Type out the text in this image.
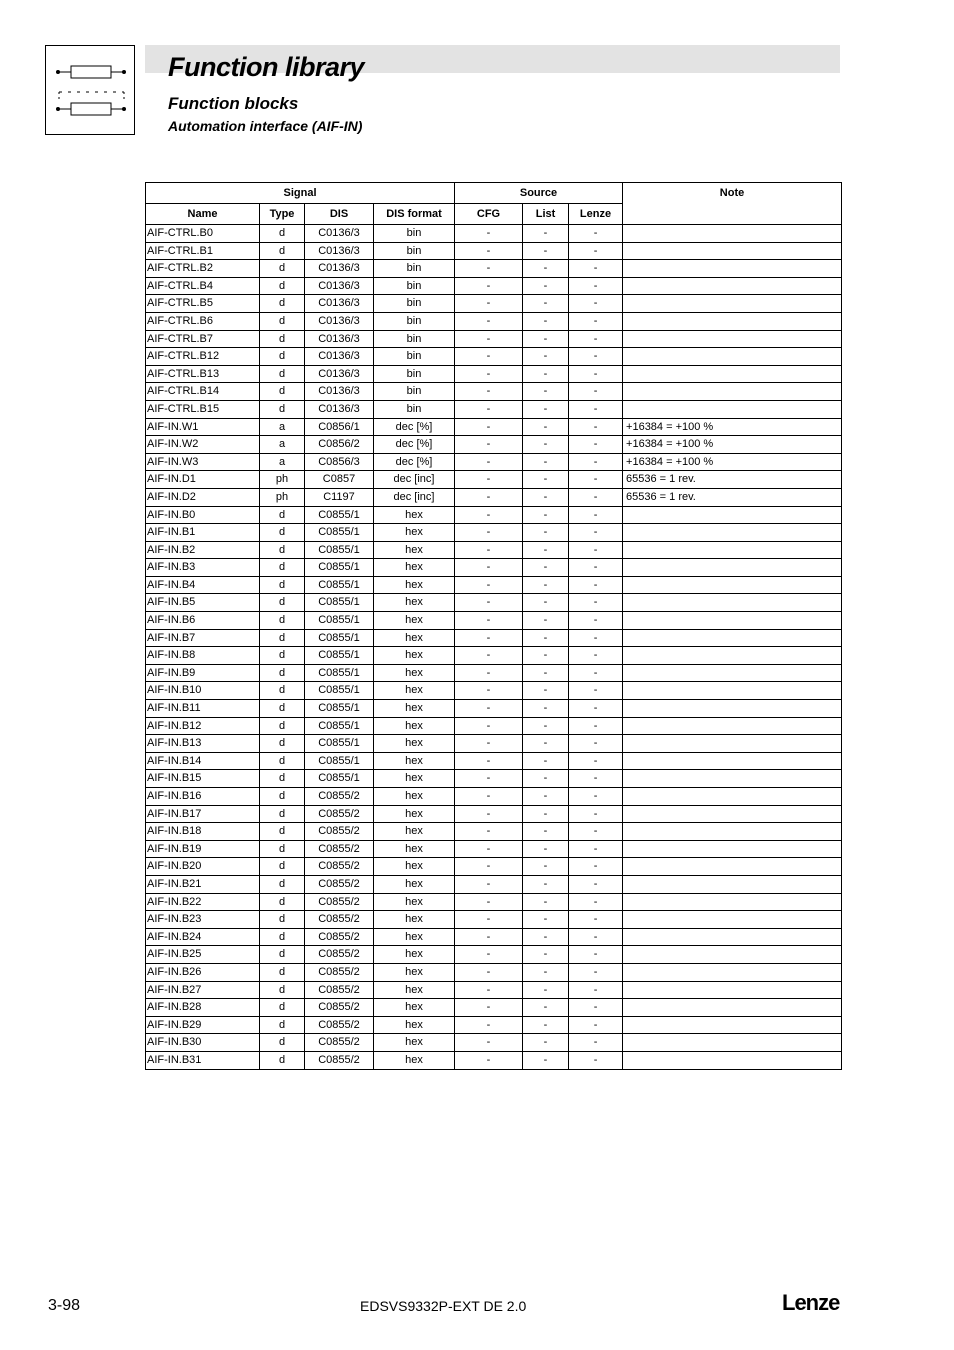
Function library
Function blocks
Automation interface (AIF-IN)
Signal				Source			Note
Name	Type	DIS	DIS format	CFG	List	Lenze	
AIF-CTRL.B0	d	C0136/3	bin	-	-	-	
AIF-CTRL.B1	d	C0136/3	bin	-	-	-	
AIF-CTRL.B2	d	C0136/3	bin	-	-	-	
AIF-CTRL.B4	d	C0136/3	bin	-	-	-	
AIF-CTRL.B5	d	C0136/3	bin	-	-	-	
AIF-CTRL.B6	d	C0136/3	bin	-	-	-	
AIF-CTRL.B7	d	C0136/3	bin	-	-	-	
AIF-CTRL.B12	d	C0136/3	bin	-	-	-	
AIF-CTRL.B13	d	C0136/3	bin	-	-	-	
AIF-CTRL.B14	d	C0136/3	bin	-	-	-	
AIF-CTRL.B15	d	C0136/3	bin	-	-	-	
AIF-IN.W1	a	C0856/1	dec [%]	-	-	-	+16384 = +100 %
AIF-IN.W2	a	C0856/2	dec [%]	-	-	-	+16384 = +100 %
AIF-IN.W3	a	C0856/3	dec [%]	-	-	-	+16384 = +100 %
AIF-IN.D1	ph	C0857	dec [inc]	-	-	-	65536 = 1 rev.
AIF-IN.D2	ph	C1197	dec [inc]	-	-	-	65536 = 1 rev.
AIF-IN.B0	d	C0855/1	hex	-	-	-	
AIF-IN.B1	d	C0855/1	hex	-	-	-	
AIF-IN.B2	d	C0855/1	hex	-	-	-	
AIF-IN.B3	d	C0855/1	hex	-	-	-	
AIF-IN.B4	d	C0855/1	hex	-	-	-	
AIF-IN.B5	d	C0855/1	hex	-	-	-	
AIF-IN.B6	d	C0855/1	hex	-	-	-	
AIF-IN.B7	d	C0855/1	hex	-	-	-	
AIF-IN.B8	d	C0855/1	hex	-	-	-	
AIF-IN.B9	d	C0855/1	hex	-	-	-	
AIF-IN.B10	d	C0855/1	hex	-	-	-	
AIF-IN.B11	d	C0855/1	hex	-	-	-	
AIF-IN.B12	d	C0855/1	hex	-	-	-	
AIF-IN.B13	d	C0855/1	hex	-	-	-	
AIF-IN.B14	d	C0855/1	hex	-	-	-	
AIF-IN.B15	d	C0855/1	hex	-	-	-	
AIF-IN.B16	d	C0855/2	hex	-	-	-	
AIF-IN.B17	d	C0855/2	hex	-	-	-	
AIF-IN.B18	d	C0855/2	hex	-	-	-	
AIF-IN.B19	d	C0855/2	hex	-	-	-	
AIF-IN.B20	d	C0855/2	hex	-	-	-	
AIF-IN.B21	d	C0855/2	hex	-	-	-	
AIF-IN.B22	d	C0855/2	hex	-	-	-	
AIF-IN.B23	d	C0855/2	hex	-	-	-	
AIF-IN.B24	d	C0855/2	hex	-	-	-	
AIF-IN.B25	d	C0855/2	hex	-	-	-	
AIF-IN.B26	d	C0855/2	hex	-	-	-	
AIF-IN.B27	d	C0855/2	hex	-	-	-	
AIF-IN.B28	d	C0855/2	hex	-	-	-	
AIF-IN.B29	d	C0855/2	hex	-	-	-	
AIF-IN.B30	d	C0855/2	hex	-	-	-	
AIF-IN.B31	d	C0855/2	hex	-	-	-	
3-98	EDSVS9332P-EXT DE 2.0	Lenze
